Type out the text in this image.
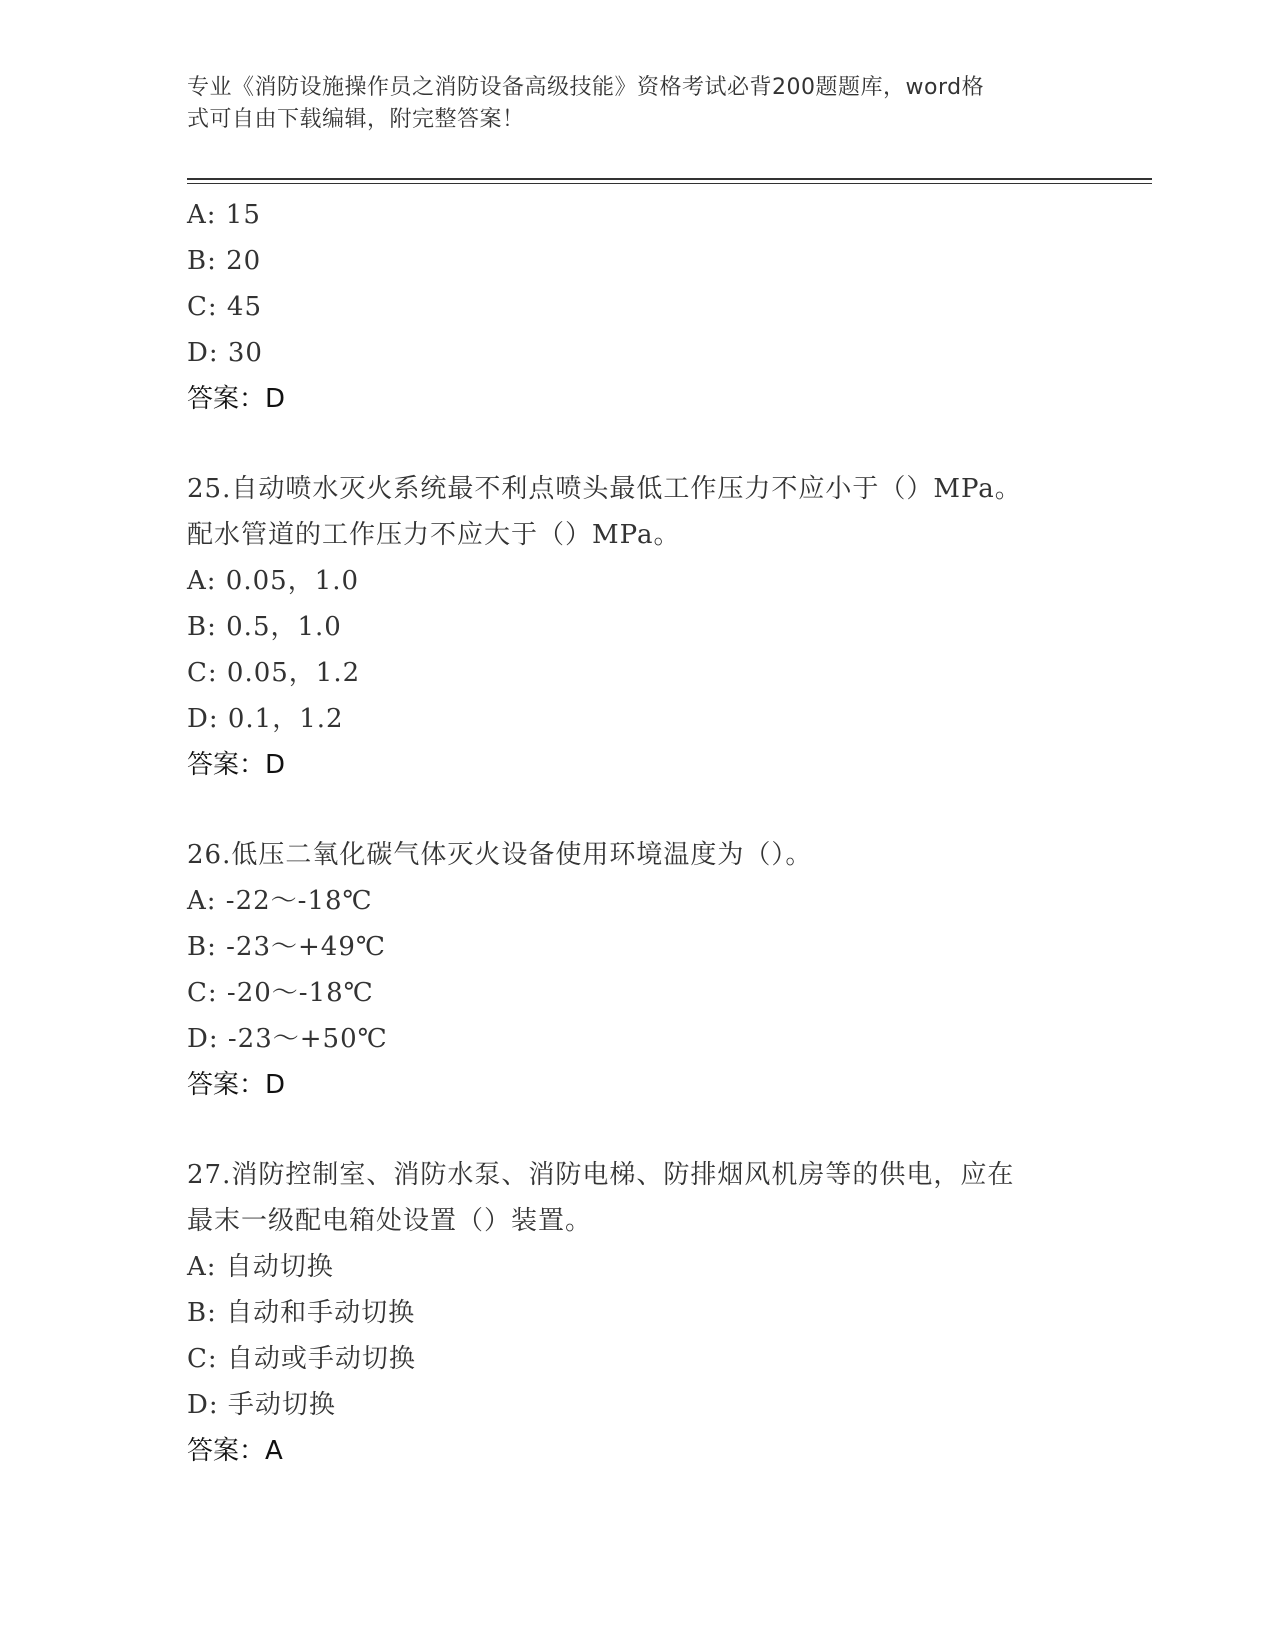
专业《消防设施操作员之消防设备高级技能》资格考试必背200题题库，word格

式可自由下载编辑，附完整答案！

A: 15
B: 20
C: 45
D: 30
答案：D
25.自动喷水灭火系统最不利点喷头最低工作压力不应小于（）MPa。
配水管道的工作压力不应大于（）MPa。
A: 0.05，1.0
B: 0.5，1.0
C: 0.05，1.2
D: 0.1，1.2
答案：D
26.低压二氧化碳气体灭火设备使用环境温度为（）。
A: -22～-18℃
B: -23～+49℃
C: -20～-18℃
D: -23～+50℃
答案：D
27.消防控制室、消防水泵、消防电梯、防排烟风机房等的供电，应在
最末一级配电箱处设置（）装置。
A: 自动切换
B: 自动和手动切换
C: 自动或手动切换
D: 手动切换
答案：A
